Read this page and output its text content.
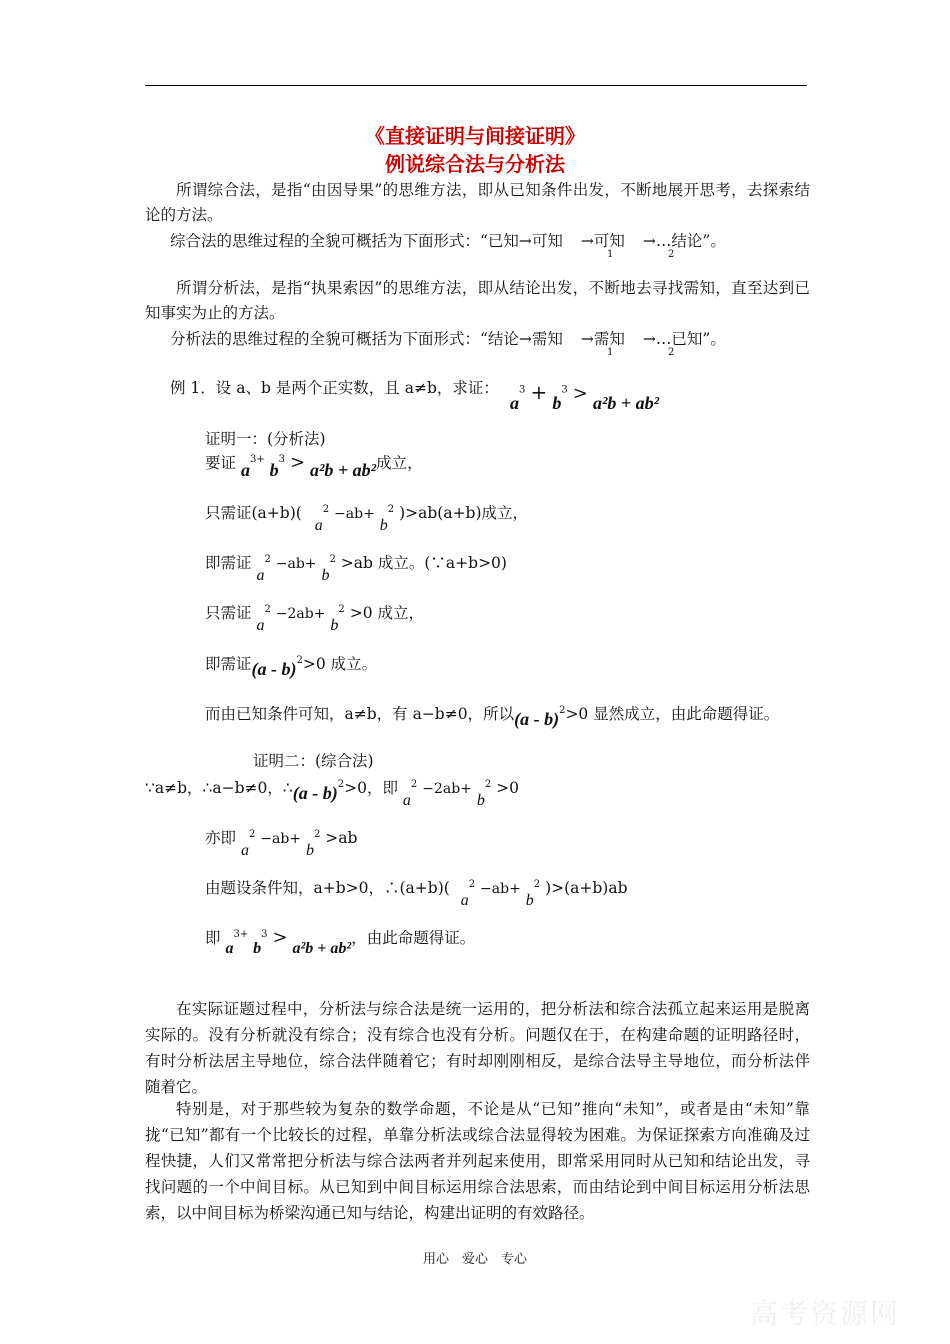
《直接证明与间接证明》
例说综合法与分析法
所谓综合法，是指“由因导果”的思维方法，即从已知条件出发，不断地展开思考，去探索结论的方法。
综合法的思维过程的全貌可概括为下面形式：“已知→可知 →可知 →…结论”。
1	2
所谓分析法，是指“执果索因”的思维方法，即从结论出发，不断地去寻找需知，直至达到已知事实为止的方法。
分析法的思维过程的全貌可概括为下面形式：“结论→需知 →需知 →…已知”。
1	2
例 1．设 a、b 是两个正实数，且 a≠b，求证：
$a^3 + b^3 > a^2b + ab^2$
证明一：(分析法)
要证 $a^{3+}$ $b^3 > a^2b + ab^2$成立，
只需证(a+b)( $a^2 -ab+ b^2$ )>ab(a+b)成立，
即需证 $a^2 -ab+ b^2 >ab$ 成立。(∵a+b>0)
只需证 $a^2 -2ab+ b^2 >0$ 成立，
即需证(a - b)$^2$>0 成立。
而由已知条件可知，a≠b，有 a−b≠0，所以(a - b)$^2$>0 显然成立，由此命题得证。
证明二：(综合法)
∵a≠b，∴a−b≠0，∴(a - b)$^2$>0，即 $a^2 -2ab+ b^2 >0$
亦即 $a^2 -ab+ b^2 >ab$
由题设条件知，a+b>0，∴(a+b)( $a^2 -ab+ b^2$ )>(a+b)ab
即 $a^{3+}$ $b^3 > a^2b + ab^2$，由此命题得证。
在实际证题过程中，分析法与综合法是统一运用的，把分析法和综合法孤立起来运用是脱离实际的。没有分析就没有综合；没有综合也没有分析。问题仅在于，在构建命题的证明路径时，有时分析法居主导地位，综合法伴随着它；有时却刚刚相反，是综合法导主导地位，而分析法伴随着它。
特别是，对于那些较为复杂的数学命题，不论是从“已知”推向“未知”，或者是由“未知”靠拢“已知”都有一个比较长的过程，单靠分析法或综合法显得较为困难。为保证探索方向准确及过程快捷，人们又常常把分析法与综合法两者并列起来使用，即常采用同时从已知和结论出发，寻找问题的一个中间目标。从已知到中间目标运用综合法思索，而由结论到中间目标运用分析法思索，以中间目标为桥梁沟通已知与结论，构建出证明的有效路径。
用心　爱心　专心
高考资源网
